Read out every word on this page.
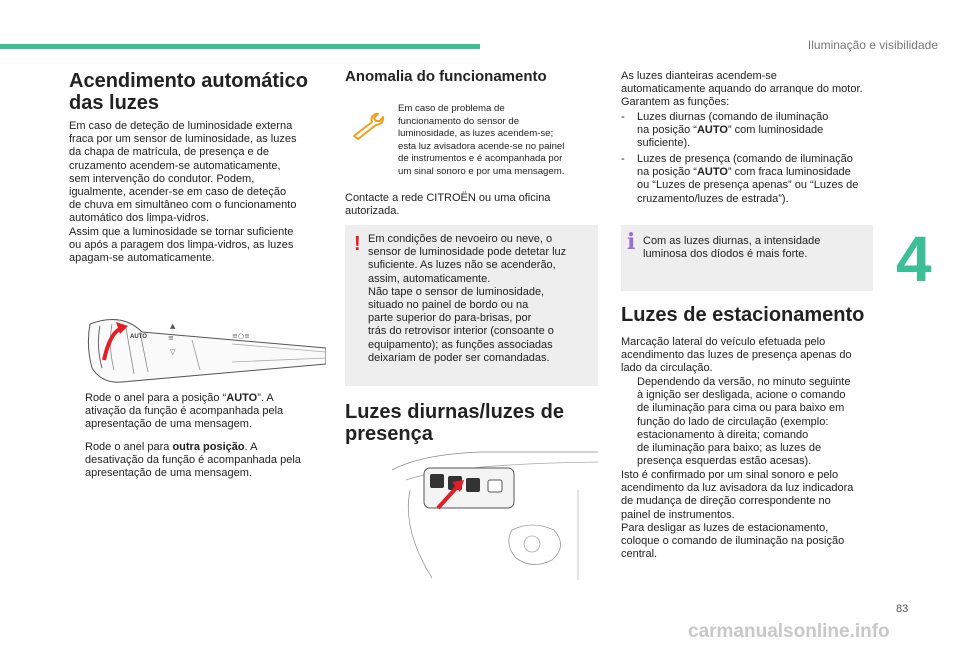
Iluminação e visibilidade
Acendimento automático
das luzes

Em caso de deteção de luminosidade externa

fraca por um sensor de luminosidade, as luzes

da chapa de matrícula, de presença e de

cruzamento acendem-se automaticamente,

sem intervenção do condutor. Podem,

igualmente, acender-se em caso de deteção

de chuva em simultâneo com o funcionamento

automático dos limpa-vidros.

Assim que a luminosidade se tornar suficiente

ou após a paragem dos limpa-vidros, as luzes

apagam-se automaticamente.

AUTO
▲
▽
≡	≡○≡

Rode o anel para a posição “AUTO”. A

ativação da função é acompanhada pela

apresentação de uma mensagem.

Rode o anel para outra posição. A

desativação da função é acompanhada pela

apresentação de uma mensagem.

Anomalia do funcionamento

Em caso de problema de

funcionamento do sensor de

luminosidade, as luzes acendem-se;

esta luz avisadora acende-se no painel

de instrumentos e é acompanhada por

um sinal sonoro e por uma mensagem.

Contacte a rede CITROËN ou uma oficina

autorizada.

! Em condições de nevoeiro ou neve, o

sensor de luminosidade pode detetar luz

suficiente. As luzes não se acenderão,

assim, automaticamente.

Não tape o sensor de luminosidade,

situado no painel de bordo ou na

parte superior do para-brisas, por

trás do retrovisor interior (consoante o

equipamento); as funções associadas

deixariam de poder ser comandadas.

Luzes diurnas/luzes de
presença

As luzes dianteiras acendem-se

automaticamente aquando do arranque do motor.

Garantem as funções:

-	Luzes diurnas (comando de iluminação

na posição “AUTO” com luminosidade

suficiente).

-	Luzes de presença (comando de iluminação

na posição “AUTO” com fraca luminosidade

ou “Luzes de presença apenas” ou “Luzes de

cruzamento/luzes de estrada”).

i Com as luzes diurnas, a intensidade

luminosa dos díodos é mais forte.

Luzes de estacionamento

Marcação lateral do veículo efetuada pelo

acendimento das luzes de presença apenas do

lado da circulação.

Dependendo da versão, no minuto seguinte

à ignição ser desligada, acione o comando

de iluminação para cima ou para baixo em

função do lado de circulação (exemplo:

estacionamento à direita; comando

de iluminação para baixo; as luzes de

presença esquerdas estão acesas).

Isto é confirmado por um sinal sonoro e pelo

acendimento da luz avisadora da luz indicadora

de mudança de direção correspondente no

painel de instrumentos.

Para desligar as luzes de estacionamento,

coloque o comando de iluminação na posição

central.

4
83
carmanualsonline.info
